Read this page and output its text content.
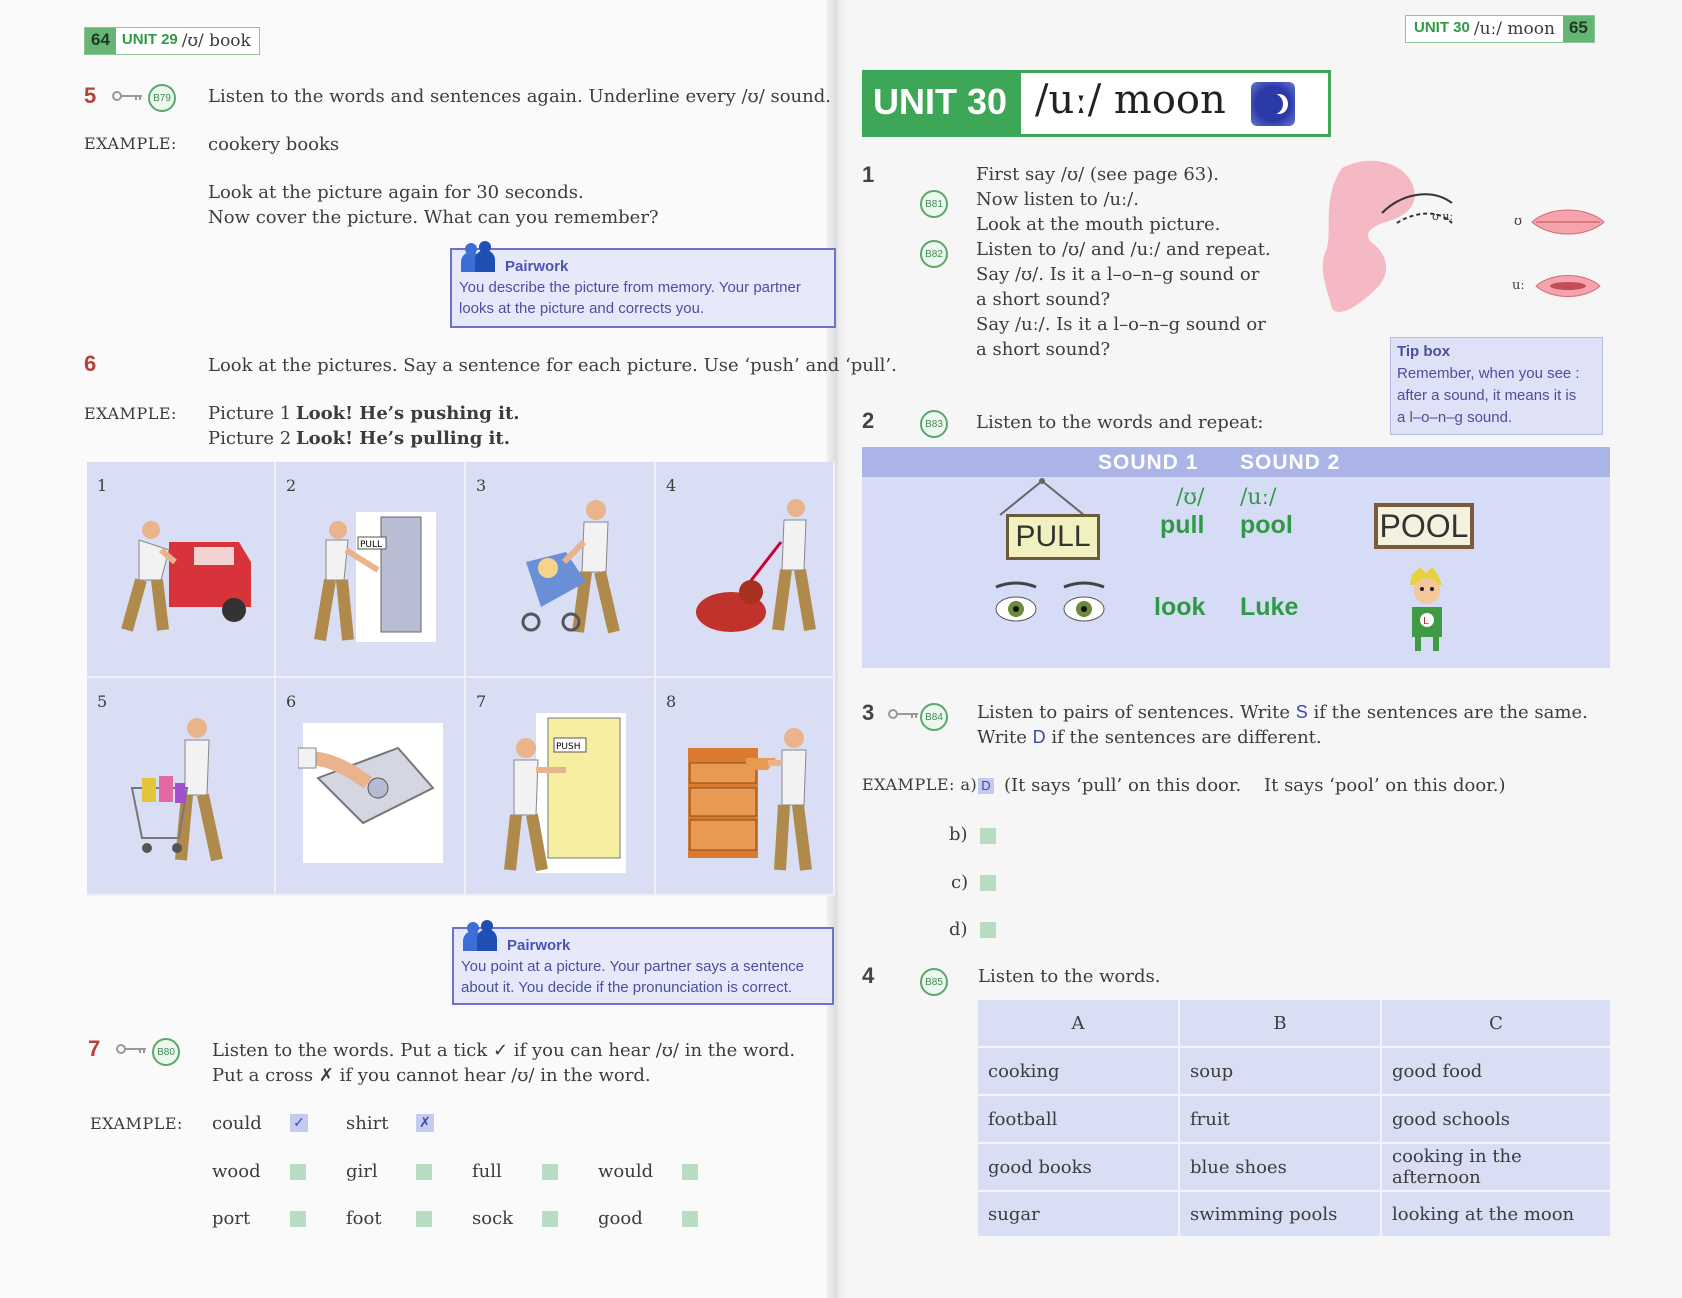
64 UNIT 29 /ʊ/ book
5	B79 Listen to the words and sentences again. Underline every /ʊ/ sound.
EXAMPLE: cookery books
Look at the picture again for 30 seconds.
Now cover the picture. What can you remember?
Pairwork
You describe the picture from memory. Your partner
looks at the picture and corrects you.
6	Look at the pictures. Say a sentence for each picture. Use ‘push’ and ‘pull’.
EXAMPLE: Picture 1 Look! He’s pushing it.
Picture 2 Look! He’s pulling it.
1	2
PULL
3	4
5	6	7
PUSH
8
Pairwork
You point at a picture. Your partner says a sentence
about it. You decide if the pronunciation is correct.
7	B80 Listen to the words. Put a tick ✓ if you can hear /ʊ/ in the word.
Put a cross ✗ if you cannot hear /ʊ/ in the word.
EXAMPLE: could ✓ shirt ✗
wood	girl	full	would
port	foot	sock	good
UNIT 30 /uː/ moon 65
UNIT 30 /uː/ moon
1
B81
B82
First say /ʊ/ (see page 63).
Now listen to /uː/.
Look at the mouth picture.
Listen to /ʊ/ and /uː/ and repeat.
Say /ʊ/. Is it a l–o–n–g sound or
a short sound?
Say /uː/. Is it a l–o–n–g sound or
a short sound?
ʊ uː	ʊ
uː
Tip box
Remember, when you see :
after a sound, it means it is
a l–o–n–g sound.
2	B83 Listen to the words and repeat:
SOUND 1 SOUND 2
/ʊ/ /uː/
pull pool
look Luke
PULL	POOL
L
3	B84 Listen to pairs of sentences. Write S if the sentences are the same.
Write D if the sentences are different.
EXAMPLE: a) D (It says ‘pull’ on this door. It says ‘pool’ on this door.)
b)
c)
d)
4	B85 Listen to the words.
A	B	C
cooking	soup	good food
football	fruit	good schools
good books	blue shoes	cooking in the afternoon
sugar	swimming pools	looking at the moon
